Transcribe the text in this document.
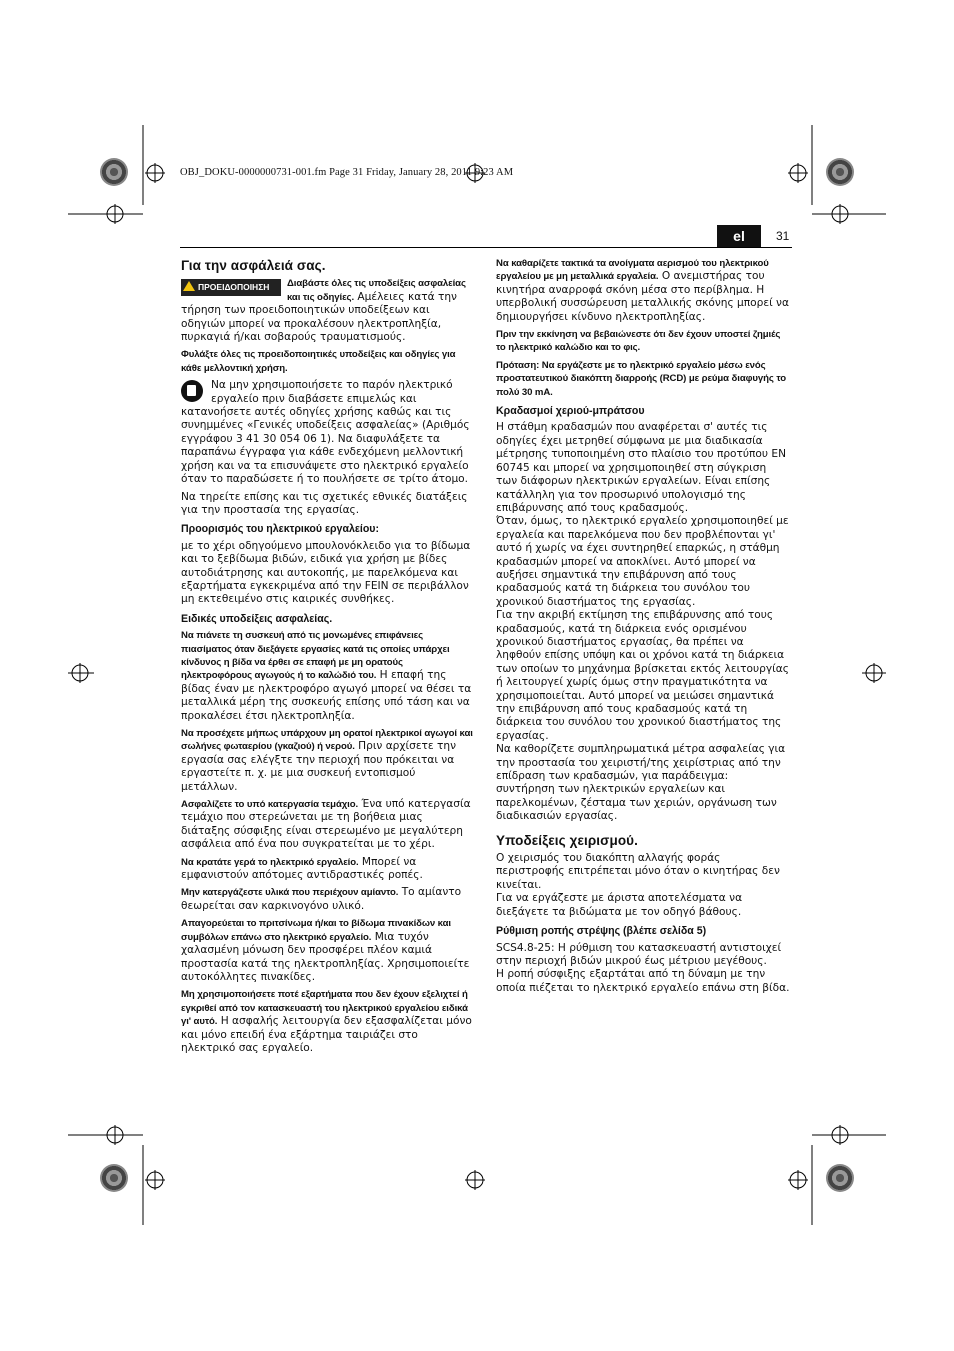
OBJ_DOKU-0000000731-001.fm Page 31 Friday, January 28, 2011 9:23 AM
el	31
Για την ασφάλειά σας.

ΠΡΟΕΙΔΟΠΟΙΗΣΗ	Διαβάστε όλες τις υποδείξεις ασφαλείας και τις οδηγίες. Αμέλειες κατά την τήρηση των προειδοποιητικών υποδείξεων και οδηγιών μπορεί να προκαλέσουν ηλεκτροπληξία, πυρκαγιά ή/και σοβαρούς τραυματισμούς.

Φυλάξτε όλες τις προειδοποιητικές υποδείξεις και οδηγίες για κάθε μελλοντική χρήση.

Να μην χρησιμοποιήσετε το παρόν ηλεκτρικό εργαλείο πριν διαβάσετε επιμελώς και κατανοήσετε αυτές οδηγίες χρήσης καθώς και τις συνημμένες «Γενικές υποδείξεις ασφαλείας» (Αριθμός εγγράφου 3 41 30 054 06 1). Να διαφυλάξετε τα παραπάνω έγγραφα για κάθε ενδεχόμενη μελλοντική χρήση και να τα επισυνάψετε στο ηλεκτρικό εργαλείο όταν το παραδώσετε ή το πουλήσετε σε τρίτο άτομο.

Να τηρείτε επίσης και τις σχετικές εθνικές διατάξεις για την προστασία της εργασίας.

Προορισμός του ηλεκτρικού εργαλείου:

με το χέρι οδηγούμενο μπουλονόκλειδο για το βίδωμα και το ξεβίδωμα βιδών, ειδικά για χρήση με βίδες αυτοδιάτρησης και αυτοκοπής, με παρελκόμενα και εξαρτήματα εγκεκριμένα από την FEIN σε περιβάλλον μη εκτεθειμένο στις καιρικές συνθήκες.

Ειδικές υποδείξεις ασφαλείας.

Να πιάνετε τη συσκευή από τις μονωμένες επιφάνειες πιασίματος όταν διεξάγετε εργασίες κατά τις οποίες υπάρχει κίνδυνος η βίδα να έρθει σε επαφή με μη ορατούς ηλεκτροφόρους αγωγούς ή το καλώδιό του. Η επαφή της βίδας έναν με ηλεκτροφόρο αγωγό μπορεί να θέσει τα μεταλλικά μέρη της συσκευής επίσης υπό τάση και να προκαλέσει έτσι ηλεκτροπληξία.

Να προσέχετε μήπως υπάρχουν μη ορατοί ηλεκτρικοί αγωγοί και σωλήνες φωταερίου (γκαζιού) ή νερού. Πριν αρχίσετε την εργασία σας ελέγξτε την περιοχή που πρόκειται να εργαστείτε π. χ. με μια συσκευή εντοπισμού μετάλλων.

Ασφαλίζετε το υπό κατεργασία τεμάχιο. Ένα υπό κατεργασία τεμάχιο που στερεώνεται με τη βοήθεια μιας διάταξης σύσφιξης είναι στερεωμένο με μεγαλύτερη ασφάλεια από ένα που συγκρατείται με το χέρι.

Να κρατάτε γερά το ηλεκτρικό εργαλείο. Μπορεί να εμφανιστούν απότομες αντιδραστικές ροπές.

Μην κατεργάζεστε υλικά που περιέχουν αμίαντο. Το αμίαντο θεωρείται σαν καρκινογόνο υλικό.

Απαγορεύεται το πριτσίνωμα ή/και το βίδωμα πινακίδων και συμβόλων επάνω στο ηλεκτρικό εργαλείο. Μια τυχόν χαλασμένη μόνωση δεν προσφέρει πλέον καμιά προστασία κατά της ηλεκτροπληξίας. Χρησιμοποιείτε αυτοκόλλητες πινακίδες.

Μη χρησιμοποιήσετε ποτέ εξαρτήματα που δεν έχουν εξελιχτεί ή εγκριθεί από τον κατασκευαστή του ηλεκτρικού εργαλείου ειδικά γι' αυτό. Η ασφαλής λειτουργία δεν εξασφαλίζεται μόνο και μόνο επειδή ένα εξάρτημα ταιριάζει στο ηλεκτρικό σας εργαλείο.

Να καθαρίζετε τακτικά τα ανοίγματα αερισμού του ηλεκτρικού εργαλείου με μη μεταλλικά εργαλεία. Ο ανεμιστήρας του κινητήρα αναρροφά σκόνη μέσα στο περίβλημα. Η υπερβολική συσσώρευση μεταλλικής σκόνης μπορεί να δημιουργήσει κίνδυνο ηλεκτροπληξίας.

Πριν την εκκίνηση να βεβαιώνεστε ότι δεν έχουν υποστεί ζημιές το ηλεκτρικό καλώδιο και το φις.

Πρόταση: Να εργάζεστε με το ηλεκτρικό εργαλείο μέσω ενός προστατευτικού διακόπτη διαρροής (RCD) με ρεύμα διαφυγής το πολύ 30 mA.

Κραδασμοί χεριού-μπράτσου

Η στάθμη κραδασμών που αναφέρεται σ' αυτές τις οδηγίες έχει μετρηθεί σύμφωνα με μια διαδικασία μέτρησης τυποποιημένη στο πλαίσιο του προτύπου EN 60745 και μπορεί να χρησιμοποιηθεί στη σύγκριση των διάφορων ηλεκτρικών εργαλείων. Είναι επίσης κατάλληλη για τον προσωρινό υπολογισμό της επιβάρυνσης από τους κραδασμούς.
Όταν, όμως, το ηλεκτρικό εργαλείο χρησιμοποιηθεί με εργαλεία και παρελκόμενα που δεν προβλέπονται γι' αυτό ή χωρίς να έχει συντηρηθεί επαρκώς, η στάθμη κραδασμών μπορεί να αποκλίνει. Αυτό μπορεί να αυξήσει σημαντικά την επιβάρυνση από τους κραδασμούς κατά τη διάρκεια του συνόλου του χρονικού διαστήματος της εργασίας.
Για την ακριβή εκτίμηση της επιβάρυνσης από τους κραδασμούς, κατά τη διάρκεια ενός ορισμένου χρονικού διαστήματος εργασίας, θα πρέπει να ληφθούν επίσης υπόψη και οι χρόνοι κατά τη διάρκεια των οποίων το μηχάνημα βρίσκεται εκτός λειτουργίας ή λειτουργεί χωρίς όμως στην πραγματικότητα να χρησιμοποιείται. Αυτό μπορεί να μειώσει σημαντικά την επιβάρυνση από τους κραδασμούς κατά τη διάρκεια του συνόλου του χρονικού διαστήματος της εργασίας.
Να καθορίζετε συμπληρωματικά μέτρα ασφαλείας για την προστασία του χειριστή/της χειρίστριας από την επίδραση των κραδασμών, για παράδειγμα: συντήρηση των ηλεκτρικών εργαλείων και παρελκομένων, ζέσταμα των χεριών, οργάνωση των διαδικασιών εργασίας.

Υποδείξεις χειρισμού.

Ο χειρισμός του διακόπτη αλλαγής φοράς περιστροφής επιτρέπεται μόνο όταν ο κινητήρας δεν κινείται.

Για να εργάζεστε με άριστα αποτελέσματα να διεξάγετε τα βιδώματα με τον οδηγό βάθους.

Ρύθμιση ροπής στρέψης (βλέπε σελίδα 5)

SCS4.8-25: Η ρύθμιση του κατασκευαστή αντιστοιχεί στην περιοχή βιδών μικρού έως μέτριου μεγέθους.

Η ροπή σύσφιξης εξαρτάται από τη δύναμη με την οποία πιέζεται το ηλεκτρικό εργαλείο επάνω στη βίδα.
